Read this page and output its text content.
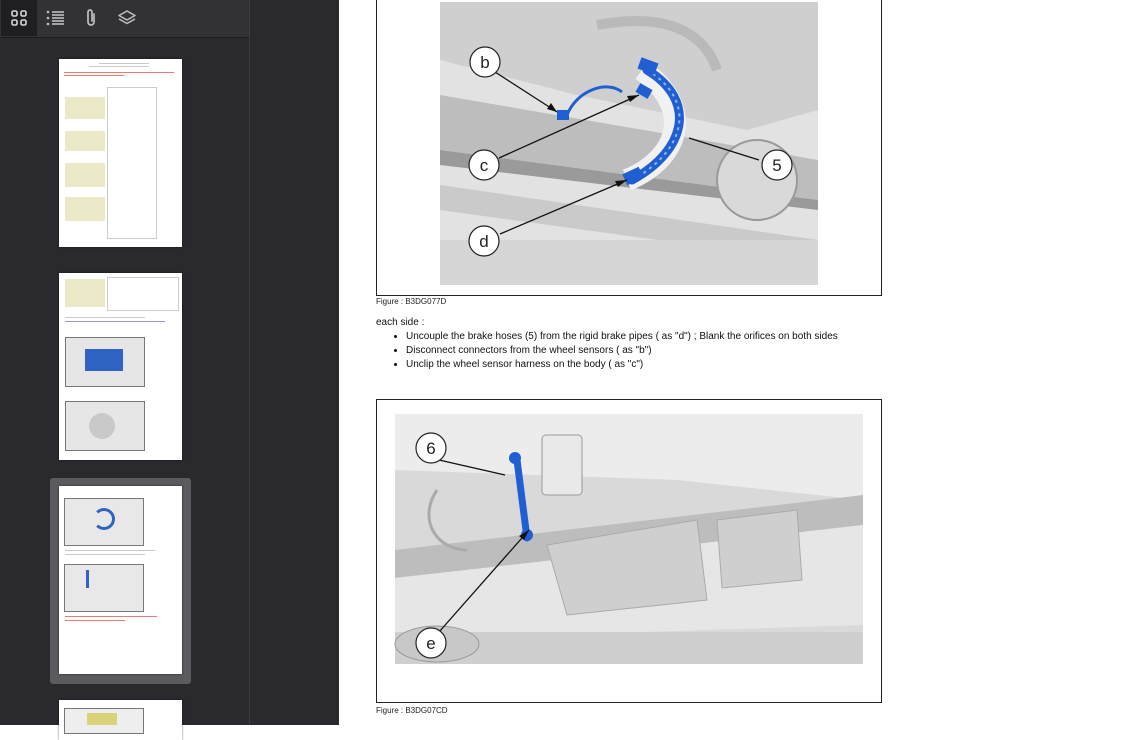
b
c
d
5
Figure : B3DG077D
each side :
• Uncouple the brake hoses (5) from the rigid brake pipes ( as "d") ; Blank the orifices on both sides
• Disconnect connectors from the wheel sensors ( as "b")
• Unclip the wheel sensor harness on the body ( as "c")
6
e
Figure : B3DG07CD
